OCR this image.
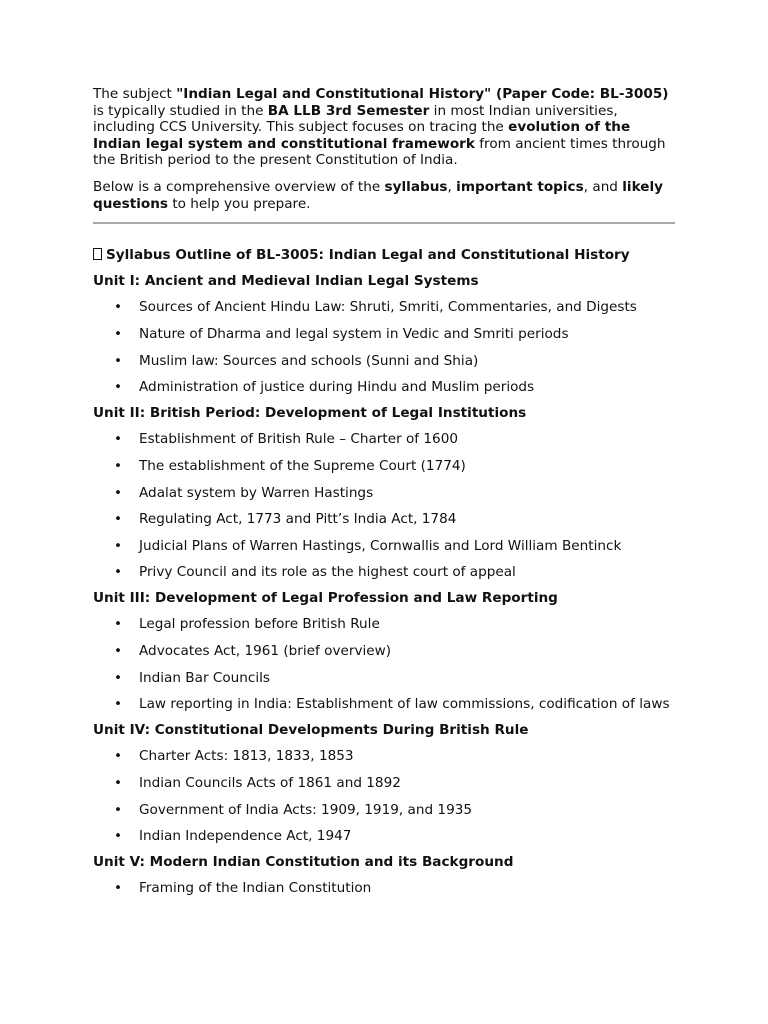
The subject "Indian Legal and Constitutional History" (Paper Code: BL-3005) is typically studied in the BA LLB 3rd Semester in most Indian universities, including CCS University. This subject focuses on tracing the evolution of the Indian legal system and constitutional framework from ancient times through the British period to the present Constitution of India.

Below is a comprehensive overview of the syllabus, important topics, and likely questions to help you prepare.

Syllabus Outline of BL-3005: Indian Legal and Constitutional History
Unit I: Ancient and Medieval Indian Legal Systems
• Sources of Ancient Hindu Law: Shruti, Smriti, Commentaries, and Digests
• Nature of Dharma and legal system in Vedic and Smriti periods
• Muslim law: Sources and schools (Sunni and Shia)
• Administration of justice during Hindu and Muslim periods
Unit II: British Period: Development of Legal Institutions
• Establishment of British Rule – Charter of 1600
• The establishment of the Supreme Court (1774)
• Adalat system by Warren Hastings
• Regulating Act, 1773 and Pitt’s India Act, 1784
• Judicial Plans of Warren Hastings, Cornwallis and Lord William Bentinck
• Privy Council and its role as the highest court of appeal
Unit III: Development of Legal Profession and Law Reporting
• Legal profession before British Rule
• Advocates Act, 1961 (brief overview)
• Indian Bar Councils
• Law reporting in India: Establishment of law commissions, codification of laws
Unit IV: Constitutional Developments During British Rule
• Charter Acts: 1813, 1833, 1853
• Indian Councils Acts of 1861 and 1892
• Government of India Acts: 1909, 1919, and 1935
• Indian Independence Act, 1947
Unit V: Modern Indian Constitution and its Background
• Framing of the Indian Constitution
